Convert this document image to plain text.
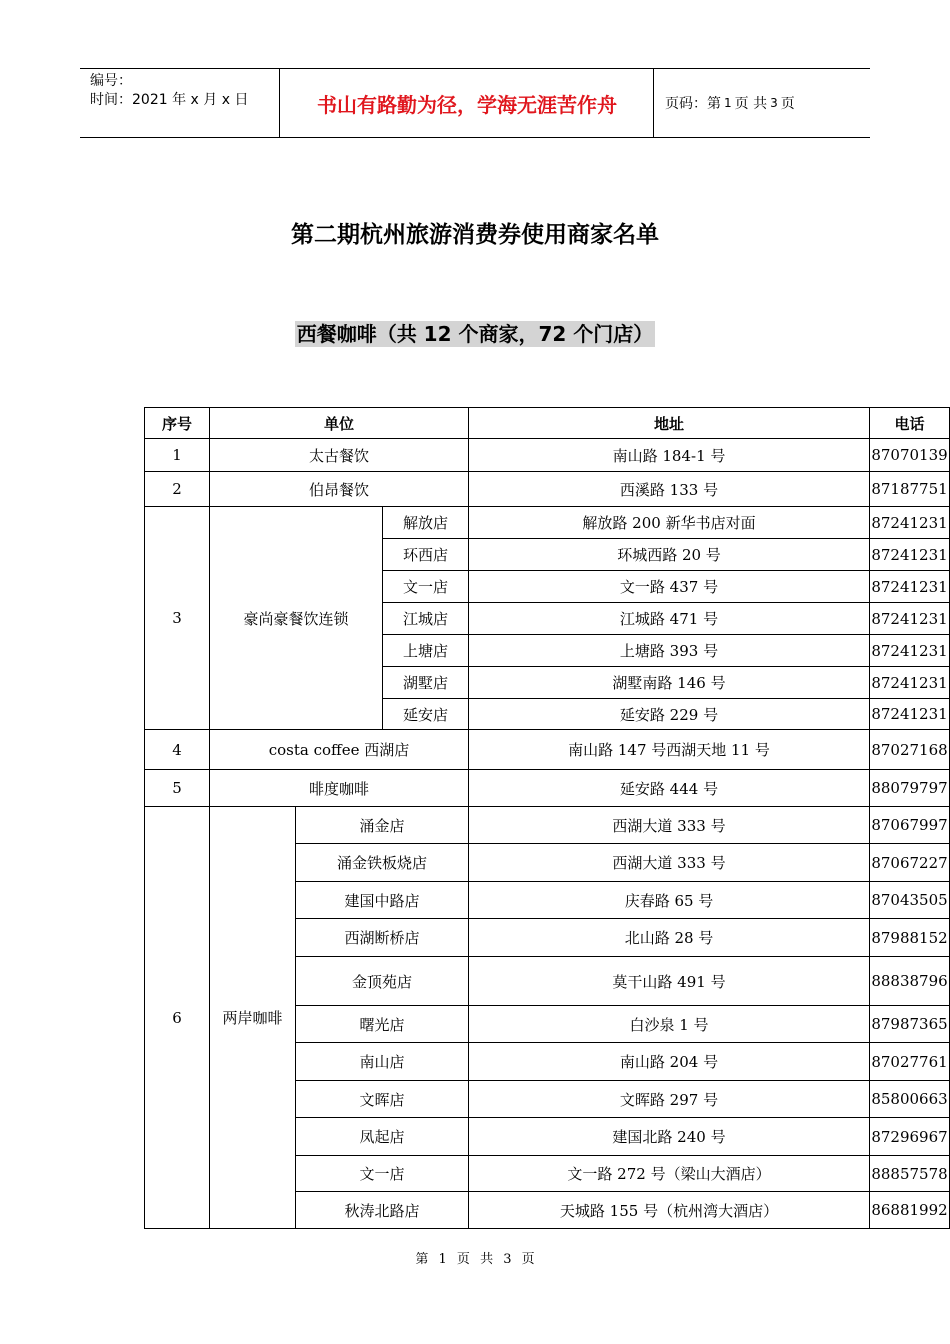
编号：
时间：2021 年 x 月 x 日	书山有路勤为径，学海无涯苦作舟	页码：第 1 页 共 3 页
第二期杭州旅游消费券使用商家名单
西餐咖啡（共 12 个商家，72 个门店）
序号	单位			地址	电话
1	太古餐饮			南山路 184-1 号	87070139
2	伯昂餐饮			西溪路 133 号	87187751
3	豪尚豪餐饮连锁		解放店	解放路 200 新华书店对面	87241231
			环西店	环城西路 20 号	87241231
			文一店	文一路 437 号	87241231
			江城店	江城路 471 号	87241231
			上塘店	上塘路 393 号	87241231
			湖墅店	湖墅南路 146 号	87241231
			延安店	延安路 229 号	87241231
4	costa coffee 西湖店			南山路 147 号西湖天地 11 号	87027168
5	啡度咖啡			延安路 444 号	88079797
6	两岸咖啡	涌金店		西湖大道 333 号	87067997
		涌金铁板烧店		西湖大道 333 号	87067227
		建国中路店		庆春路 65 号	87043505
		西湖断桥店		北山路 28 号	87988152
		金顶苑店		莫干山路 491 号	88838796
		曙光店		白沙泉 1 号	87987365
		南山店		南山路 204 号	87027761
		文晖店		文晖路 297 号	85800663
		凤起店		建国北路 240 号	87296967
		文一店		文一路 272 号（梁山大酒店）	88857578
		秋涛北路店		天城路 155 号（杭州湾大酒店）	86881992
第 1 页 共 3 页
